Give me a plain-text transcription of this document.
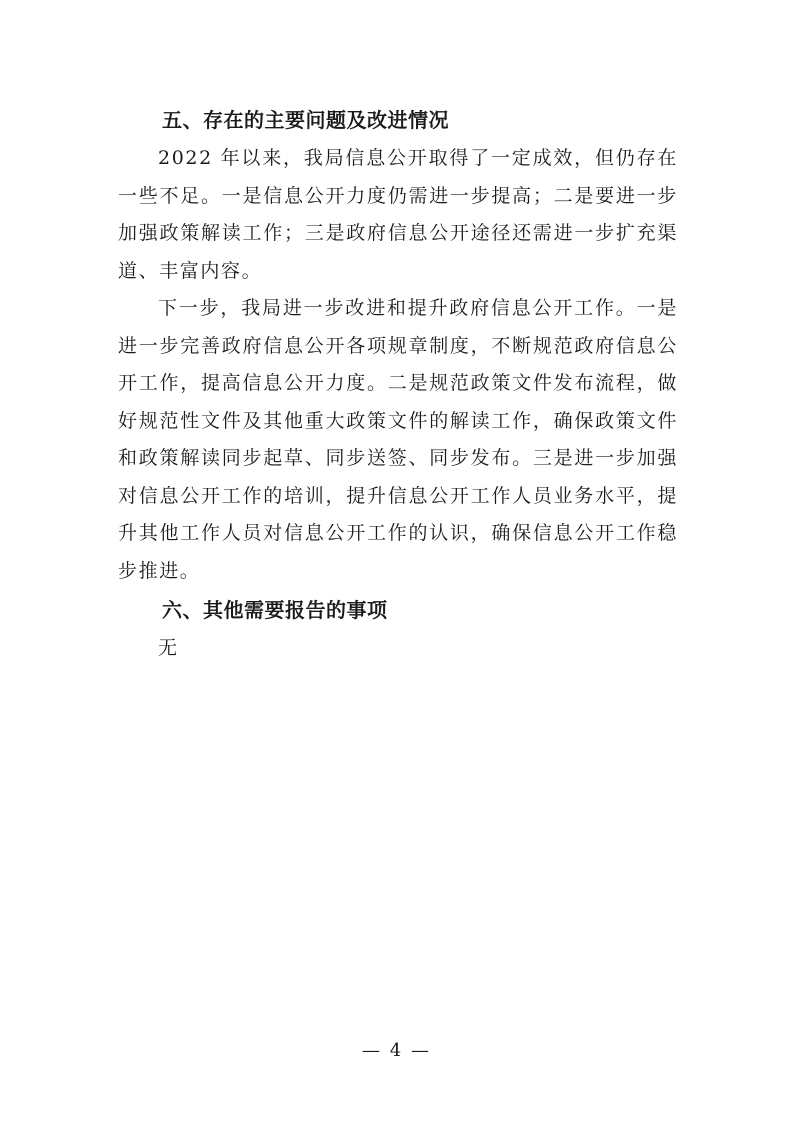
五、存在的主要问题及改进情况

2022 年以来，我局信息公开取得了一定成效，但仍存在一些不足。一是信息公开力度仍需进一步提高；二是要进一步加强政策解读工作；三是政府信息公开途径还需进一步扩充渠道、丰富内容。

下一步，我局进一步改进和提升政府信息公开工作。一是进一步完善政府信息公开各项规章制度，不断规范政府信息公开工作，提高信息公开力度。二是规范政策文件发布流程，做好规范性文件及其他重大政策文件的解读工作，确保政策文件和政策解读同步起草、同步送签、同步发布。三是进一步加强对信息公开工作的培训，提升信息公开工作人员业务水平，提升其他工作人员对信息公开工作的认识，确保信息公开工作稳步推进。

六、其他需要报告的事项

无

— 4 —
